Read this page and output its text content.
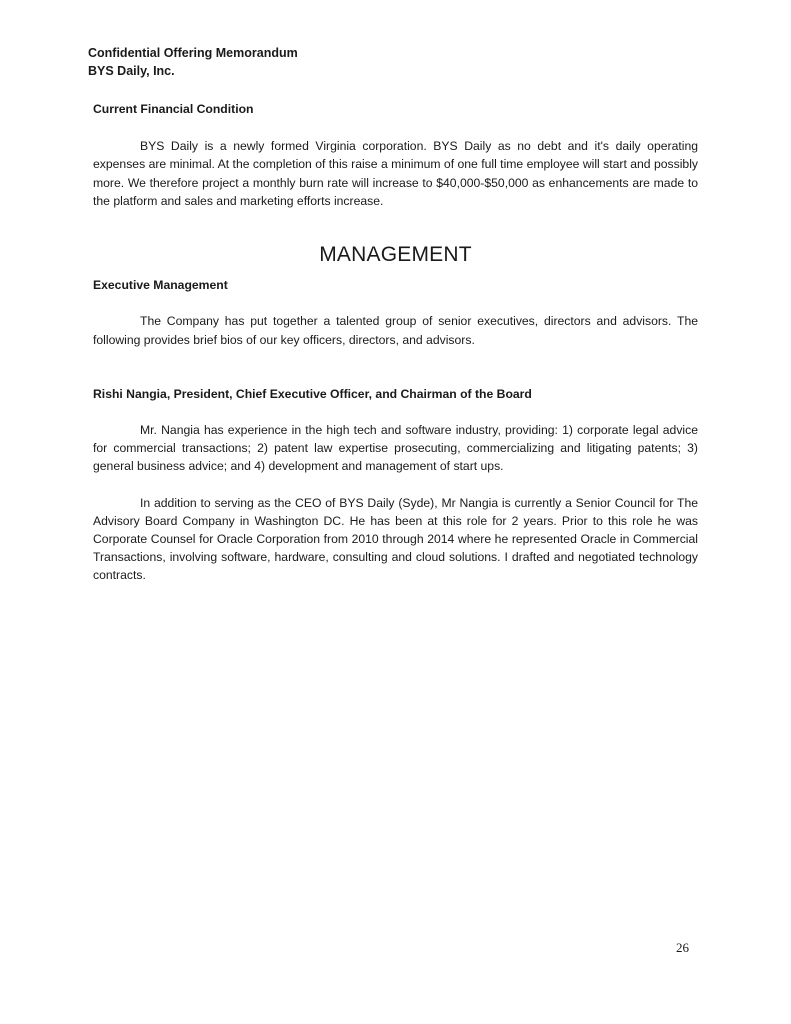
Confidential Offering Memorandum
BYS Daily, Inc.

Current Financial Condition

BYS Daily is a newly formed Virginia corporation. BYS Daily as no debt and it's daily operating expenses are minimal. At the completion of this raise a minimum of one full time employee will start and possibly more. We therefore project a monthly burn rate will increase to $40,000-$50,000 as enhancements are made to the platform and sales and marketing efforts increase.

MANAGEMENT

Executive Management

The Company has put together a talented group of senior executives, directors and advisors. The following provides brief bios of our key officers, directors, and advisors.

Rishi Nangia, President, Chief Executive Officer, and Chairman of the Board

Mr. Nangia has experience in the high tech and software industry, providing: 1) corporate legal advice for commercial transactions; 2) patent law expertise prosecuting, commercializing and litigating patents; 3) general business advice; and 4) development and management of start ups.

In addition to serving as the CEO of BYS Daily (Syde), Mr Nangia is currently a Senior Council for The Advisory Board Company in Washington DC. He has been at this role for 2 years. Prior to this role he was Corporate Counsel for Oracle Corporation from 2010 through 2014 where he represented Oracle in Commercial Transactions, involving software, hardware, consulting and cloud solutions. I drafted and negotiated technology contracts.

26
